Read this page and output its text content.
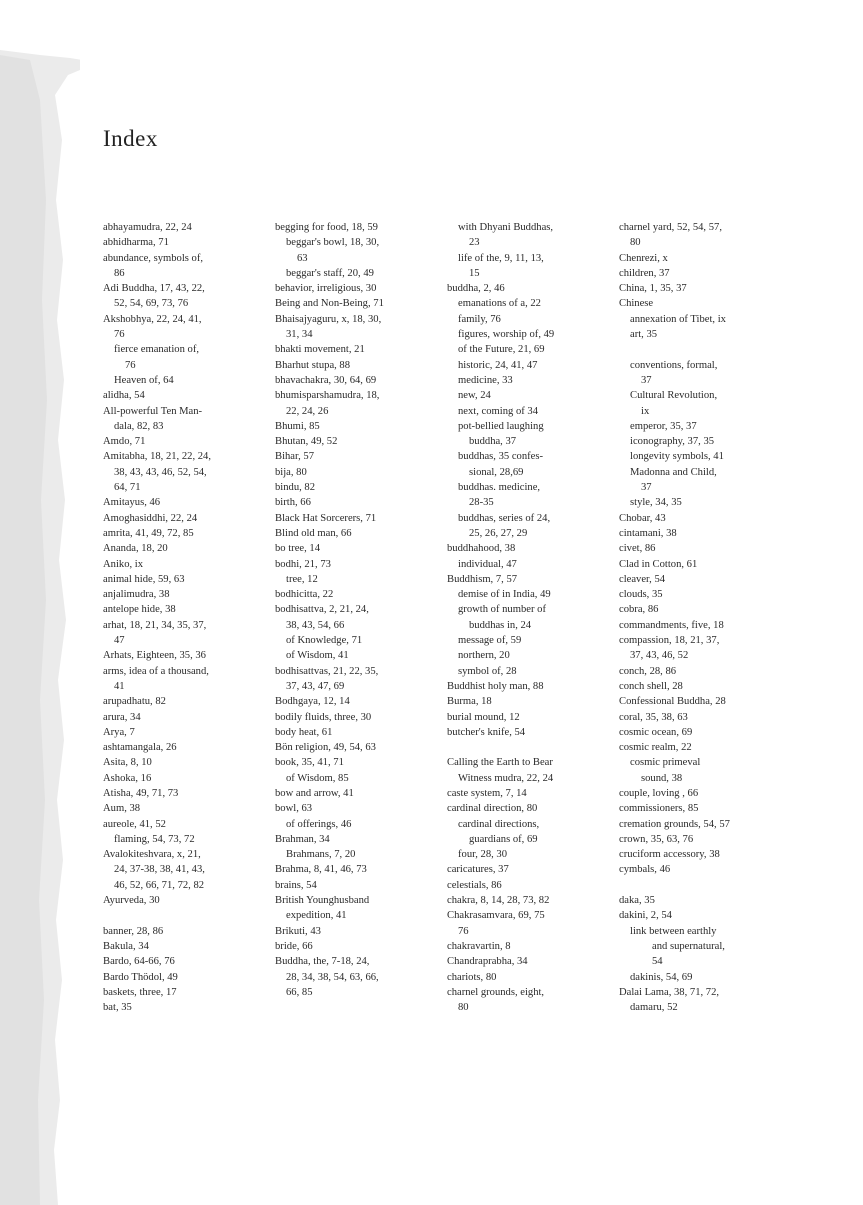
Index
abhayamudra, 22, 24
abhidharma, 71
abundance, symbols of,
86
Adi Buddha, 17, 43, 22,
52, 54, 69, 73, 76
Akshobhya, 22, 24, 41,
76
fierce emanation of,
76
Heaven of, 64
alidha, 54
All-powerful Ten Man-
dala, 82, 83
Amdo, 71
Amitabha, 18, 21, 22, 24,
38, 43, 43, 46, 52, 54,
64, 71
Amitayus, 46
Amoghasiddhi, 22, 24
amrita, 41, 49, 72, 85
Ananda, 18, 20
Aniko, ix
animal hide, 59, 63
anjalimudra, 38
antelope hide, 38
arhat, 18, 21, 34, 35, 37,
47
Arhats, Eighteen, 35, 36
arms, idea of a thousand,
41
arupadhatu, 82
arura, 34
Arya, 7
ashtamangala, 26
Asita, 8, 10
Ashoka, 16
Atisha, 49, 71, 73
Aum, 38
aureole, 41, 52
flaming, 54, 73, 72
Avalokiteshvara, x, 21,
24, 37-38, 38, 41, 43,
46, 52, 66, 71, 72, 82
Ayurveda, 30
banner, 28, 86
Bakula, 34
Bardo, 64-66, 76
Bardo Thödol, 49
baskets, three, 17
bat, 35
begging for food, 18, 59
beggar's bowl, 18, 30,
63
beggar's staff, 20, 49
behavior, irreligious, 30
Being and Non-Being, 71
Bhaisajyaguru, x, 18, 30,
31, 34
bhakti movement, 21
Bharhut stupa, 88
bhavachakra, 30, 64, 69
bhumisparshamudra, 18,
22, 24, 26
Bhumi, 85
Bhutan, 49, 52
Bihar, 57
bija, 80
bindu, 82
birth, 66
Black Hat Sorcerers, 71
Blind old man, 66
bo tree, 14
bodhi, 21, 73
tree, 12
bodhicitta, 22
bodhisattva, 2, 21, 24,
38, 43, 54, 66
of Knowledge, 71
of Wisdom, 41
bodhisattvas, 21, 22, 35,
37, 43, 47, 69
Bodhgaya, 12, 14
bodily fluids, three, 30
body heat, 61
Bön religion, 49, 54, 63
book, 35, 41, 71
of Wisdom, 85
bow and arrow, 41
bowl, 63
of offerings, 46
Brahman, 34
Brahmans, 7, 20
Brahma, 8, 41, 46, 73
brains, 54
British Younghusband
expedition, 41
Brikuti, 43
bride, 66
Buddha, the, 7-18, 24,
28, 34, 38, 54, 63, 66,
66, 85
with Dhyani Buddhas,
23
life of the, 9, 11, 13,
15
buddha, 2, 46
emanations of a, 22
family, 76
figures, worship of, 49
of the Future, 21, 69
historic, 24, 41, 47
medicine, 33
new, 24
next, coming of 34
pot-bellied laughing
buddha, 37
buddhas, 35 confes-
sional, 28,69
buddhas. medicine,
28-35
buddhas, series of 24,
25, 26, 27, 29
buddhahood, 38
individual, 47
Buddhism, 7, 57
demise of in India, 49
growth of number of
buddhas in, 24
message of, 59
northern, 20
symbol of, 28
Buddhist holy man, 88
Burma, 18
burial mound, 12
butcher's knife, 54
Calling the Earth to Bear
Witness mudra, 22, 24
caste system, 7, 14
cardinal direction, 80
cardinal directions,
guardians of, 69
four, 28, 30
caricatures, 37
celestials, 86
chakra, 8, 14, 28, 73, 82
Chakrasamvara, 69, 75
76
chakravartin, 8
Chandraprabha, 34
chariots, 80
charnel grounds, eight,
80
charnel yard, 52, 54, 57,
80
Chenrezi, x
children, 37
China, 1, 35, 37
Chinese
annexation of Tibet, ix
art, 35
conventions, formal,
37
Cultural Revolution,
ix
emperor, 35, 37
iconography, 37, 35
longevity symbols, 41
Madonna and Child,
37
style, 34, 35
Chobar, 43
cintamani, 38
civet, 86
Clad in Cotton, 61
cleaver, 54
clouds, 35
cobra, 86
commandments, five, 18
compassion, 18, 21, 37,
37, 43, 46, 52
conch, 28, 86
conch shell, 28
Confessional Buddha, 28
coral, 35, 38, 63
cosmic ocean, 69
cosmic realm, 22
cosmic primeval
sound, 38
couple, loving , 66
commissioners, 85
cremation grounds, 54, 57
crown, 35, 63, 76
cruciform accessory, 38
cymbals, 46
daka, 35
dakini, 2, 54
link between earthly
and supernatural,
54
dakinis, 54, 69
Dalai Lama, 38, 71, 72,
damaru, 52
